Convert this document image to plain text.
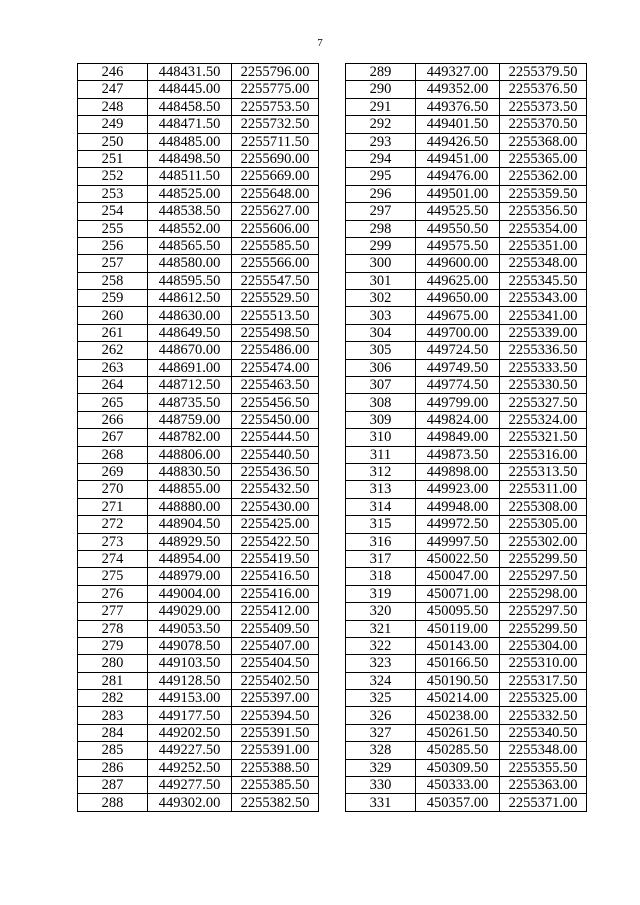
7
246	448431.50	2255796.00
247	448445.00	2255775.00
248	448458.50	2255753.50
249	448471.50	2255732.50
250	448485.00	2255711.50
251	448498.50	2255690.00
252	448511.50	2255669.00
253	448525.00	2255648.00
254	448538.50	2255627.00
255	448552.00	2255606.00
256	448565.50	2255585.50
257	448580.00	2255566.00
258	448595.50	2255547.50
259	448612.50	2255529.50
260	448630.00	2255513.50
261	448649.50	2255498.50
262	448670.00	2255486.00
263	448691.00	2255474.00
264	448712.50	2255463.50
265	448735.50	2255456.50
266	448759.00	2255450.00
267	448782.00	2255444.50
268	448806.00	2255440.50
269	448830.50	2255436.50
270	448855.00	2255432.50
271	448880.00	2255430.00
272	448904.50	2255425.00
273	448929.50	2255422.50
274	448954.00	2255419.50
275	448979.00	2255416.50
276	449004.00	2255416.00
277	449029.00	2255412.00
278	449053.50	2255409.50
279	449078.50	2255407.00
280	449103.50	2255404.50
281	449128.50	2255402.50
282	449153.00	2255397.00
283	449177.50	2255394.50
284	449202.50	2255391.50
285	449227.50	2255391.00
286	449252.50	2255388.50
287	449277.50	2255385.50
288	449302.00	2255382.50
289	449327.00	2255379.50
290	449352.00	2255376.50
291	449376.50	2255373.50
292	449401.50	2255370.50
293	449426.50	2255368.00
294	449451.00	2255365.00
295	449476.00	2255362.00
296	449501.00	2255359.50
297	449525.50	2255356.50
298	449550.50	2255354.00
299	449575.50	2255351.00
300	449600.00	2255348.00
301	449625.00	2255345.50
302	449650.00	2255343.00
303	449675.00	2255341.00
304	449700.00	2255339.00
305	449724.50	2255336.50
306	449749.50	2255333.50
307	449774.50	2255330.50
308	449799.00	2255327.50
309	449824.00	2255324.00
310	449849.00	2255321.50
311	449873.50	2255316.00
312	449898.00	2255313.50
313	449923.00	2255311.00
314	449948.00	2255308.00
315	449972.50	2255305.00
316	449997.50	2255302.00
317	450022.50	2255299.50
318	450047.00	2255297.50
319	450071.00	2255298.00
320	450095.50	2255297.50
321	450119.00	2255299.50
322	450143.00	2255304.00
323	450166.50	2255310.00
324	450190.50	2255317.50
325	450214.00	2255325.00
326	450238.00	2255332.50
327	450261.50	2255340.50
328	450285.50	2255348.00
329	450309.50	2255355.50
330	450333.00	2255363.00
331	450357.00	2255371.00
